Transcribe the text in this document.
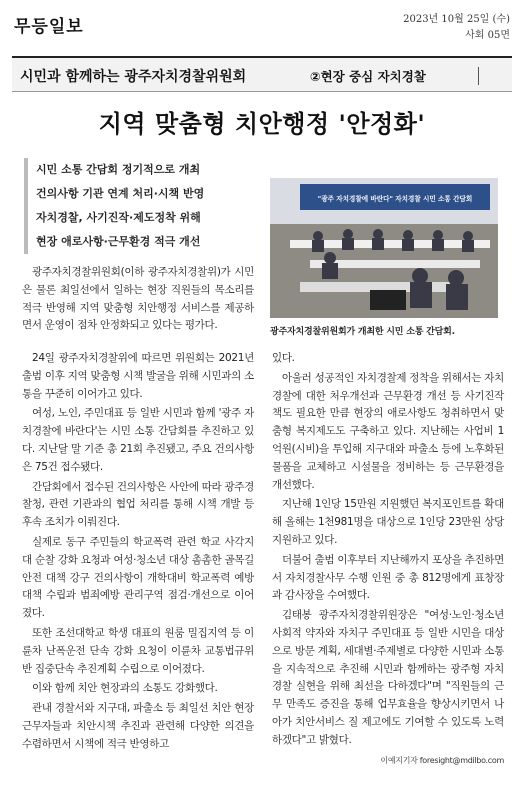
무등일보	2023년 10월 25일 (수)
사회 05면
시민과 함께하는 광주자치경찰위원회	②현장 중심 자치경찰
지역 맞춤형 치안행정 '안정화'
시민 소통 간담회 정기적으로 개최
건의사항 기관 연계 처리·시책 반영
자치경찰, 사기진작·제도정착 위해
현장 애로사항·근무환경 적극 개선
"광주 자치경찰에 바란다" 자치경찰 시민 소통 간담회
광주자치경찰위원회가 개최한 시민 소통 간담회.

광주자치경찰위원회(이하 광주자치경찰위)가 시민은 물론 최일선에서 일하는 현장 직원들의 목소리를 적극 반영해 지역 맞춤형 치안행정 서비스를 제공하면서 운영이 점차 안정화되고 있다는 평가다.

24일 광주자치경찰위에 따르면 위원회는 2021년 출범 이후 지역 맞춤형 시책 발굴을 위해 시민과의 소통을 꾸준히 이어가고 있다.

여성, 노인, 주민대표 등 일반 시민과 함께 '광주 자치경찰에 바란다'는 시민 소통 간담회를 추진하고 있다. 지난달 말 기준 총 21회 추진됐고, 주요 건의사항은 75건 접수됐다.

간담회에서 접수된 건의사항은 사안에 따라 광주경찰청, 관련 기관과의 협업 처리를 통해 시책 개발 등 후속 조치가 이뤄진다.

실제로 동구 주민들의 학교폭력 관련 학교 사각지대 순찰 강화 요청과 여성·청소년 대상 촘촘한 골목길 안전 대책 강구 건의사항이 개학대비 학교폭력 예방 대책 수립과 범죄예방 관리구역 점검·개선으로 이어졌다.

또한 조선대학교 학생 대표의 원룸 밀집지역 등 이륜차 난폭운전 단속 강화 요청이 이륜차 교통법규위반 집중단속 추진계획 수립으로 이어졌다.

이와 함께 치안 현장과의 소통도 강화했다.

관내 경찰서와 지구대, 파출소 등 최일선 치안 현장 근무자들과 치안시책 추진과 관련해 다양한 의견을 수렴하면서 시책에 적극 반영하고

있다.

아울러 성공적인 자치경찰제 정착을 위해서는 자치경찰에 대한 처우개선과 근무환경 개선 등 사기진작책도 필요한 만큼 현장의 애로사항도 청취하면서 맞춤형 복지제도도 구축하고 있다. 지난해는 사업비 1억원(시비)을 투입해 지구대와 파출소 등에 노후화된 물품을 교체하고 시설물을 정비하는 등 근무환경을 개선했다.

지난해 1인당 15만원 지원했던 복지포인트를 확대해 올해는 1천981명을 대상으로 1인당 23만원 상당 지원하고 있다.

더불어 출범 이후부터 지난해까지 포상을 추진하면서 자치경찰사무 수행 인원 중 총 812명에게 표창장과 감사장을 수여했다.

김태봉 광주자치경찰위원장은 "여성·노인·청소년 사회적 약자와 자치구 주민대표 등 일반 시민을 대상으로 방문 계획, 세대별·주제별로 다양한 시민과 소통을 지속적으로 추진해 시민과 함께하는 광주형 자치경찰 실현을 위해 최선을 다하겠다"며 "직원들의 근무 만족도 증진을 통해 업무효율을 향상시키면서 나아가 치안서비스 질 제고에도 기여할 수 있도록 노력하겠다"고 밝혔다.

이예지기자 foresight@mdilbo.com
